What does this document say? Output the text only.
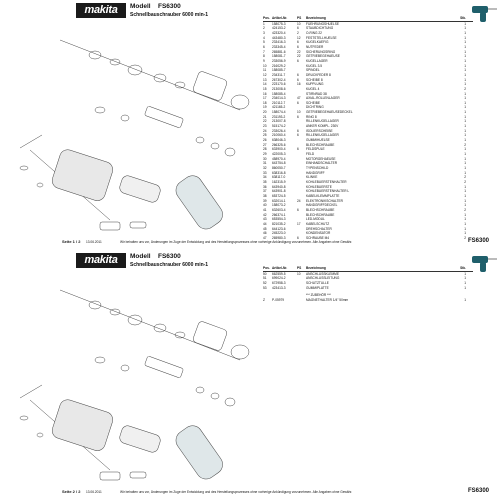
makita	Modell FS6300
Schnellbauschrauber 6000 min-1	Pos. Artikel-Nr.	PS	Bezeichnung	Stk.
1	158075-3	10	FUEHRUNGSHUELSE	1
2	424153-2	6	STAUBDICHTUNG	1
3	423320-4	2	O-RING 22	1
4	443480-3	12	FESTSTELLHUELSE	1
5	233416-3	6	KUGELKAEFIG	1
6	233345-4	6	NUTFEDER	1
7	265881-6	22	SICHERUNGSRING	1
8	158081-7	22	GETRIEBEGEHAEUSE	1
9	233056-9	6	KUGELLAGER	1
10	216029-2	KUGEL 3.5	1
11	158085-7	SPINDEL	1
12	234311-7	6	DRUCKFEDER 8	1
13	267302-4	6	SCHEIBE 8	1
14	223170-6	16	KUPPLUNG	1
15	213008-6	KUGEL 4	2
16	158085-4	STIRNRAD 38	1
17	234014-3	47	AXIAL-ROLLENLAGER	1
18	210112-7	6	SCHEIBE	1
19	421165-2	DICHTRING	1
20	158074-4	10	GETRIEBEGEHAEUSEDECKEL	1
21	231193-2	6	RING 8	1
22	213007-8	RILLENKUGELLAGER	1
23	515174-2	ANKER KOMPL. 230V	1
24	233026-4	6	ISOLIERSCHEIBE	1
25	210060-4	6	RILLENKUGELLAGER	1
26	638046-3	GUMMIHUELSE	1
27	266325-6	BLECHSCHRAUBE	2
28	633900-4	6	FELDSPULE	1
29	422005-3	FELD	1
30	458970-4	MOTORGEHAEUSE	1
31	643754-8	EINHANDSCHALTER	1
32	860050-7	TYPENSCHILD	1
33	638316-8	HANDGRIFF	1
34	638117-0	KLINKE	2
35	162315-9	KOHLEBUERSTENHALTER	2
36	643940-8	KOHLEBUERSTE	1
37	643901-8	KOHLEBUERSTENHALTER L	1
38	653724-5	KABELKLEMMPLATTE	1
39	632014-1	24	ELEKTRONIKSCHALTER	1
40	158073-2	HANDGRIFFDECKEL	1
41	632603-4	6	BLECHSCHRAUBE	2
42	266374-1	BLECHSCHRAUBE	1
43	653554-3	LED-MODUL	1
44	821035-2	17	KABELSCHUTZ	1
45	644123-6	DREHSCHALTER	1
46	245223-0	KONDENSATOR	1
47	265980-3	6	SCHRAUBE M4	2
Seite 1 / 2 13.06.2011	Wir behalten uns vor, Änderungen im Zuge der Entwicklung und des Herstellungsprozesses ohne vorherige Ankündigung vorzunehmen. Alle Angaben ohne Gewähr.	FS6300
makita	Modell FS6300
Schnellbauschrauber 6000 min-1	Pos. Artikel-Nr.	PS	Bezeichnung	Stk.
50	662559-5	10	ANSCHLUSSKLEMME	1
51	699024-2	ANSCHLUSSLEITUNG	1
52	672958-3	SCHUTZTULLE	1
53	423413-3	GUMMIPLATTE	1
*** ZUBEHÖR ***
Z	P-05979	MAGNETHALTER 1/4" 50mm	1
Seite 2 / 2 13.06.2011	Wir behalten uns vor, Änderungen im Zuge der Entwicklung und des Herstellungsprozesses ohne vorherige Ankündigung vorzunehmen. Alle Angaben ohne Gewähr.	FS6300
